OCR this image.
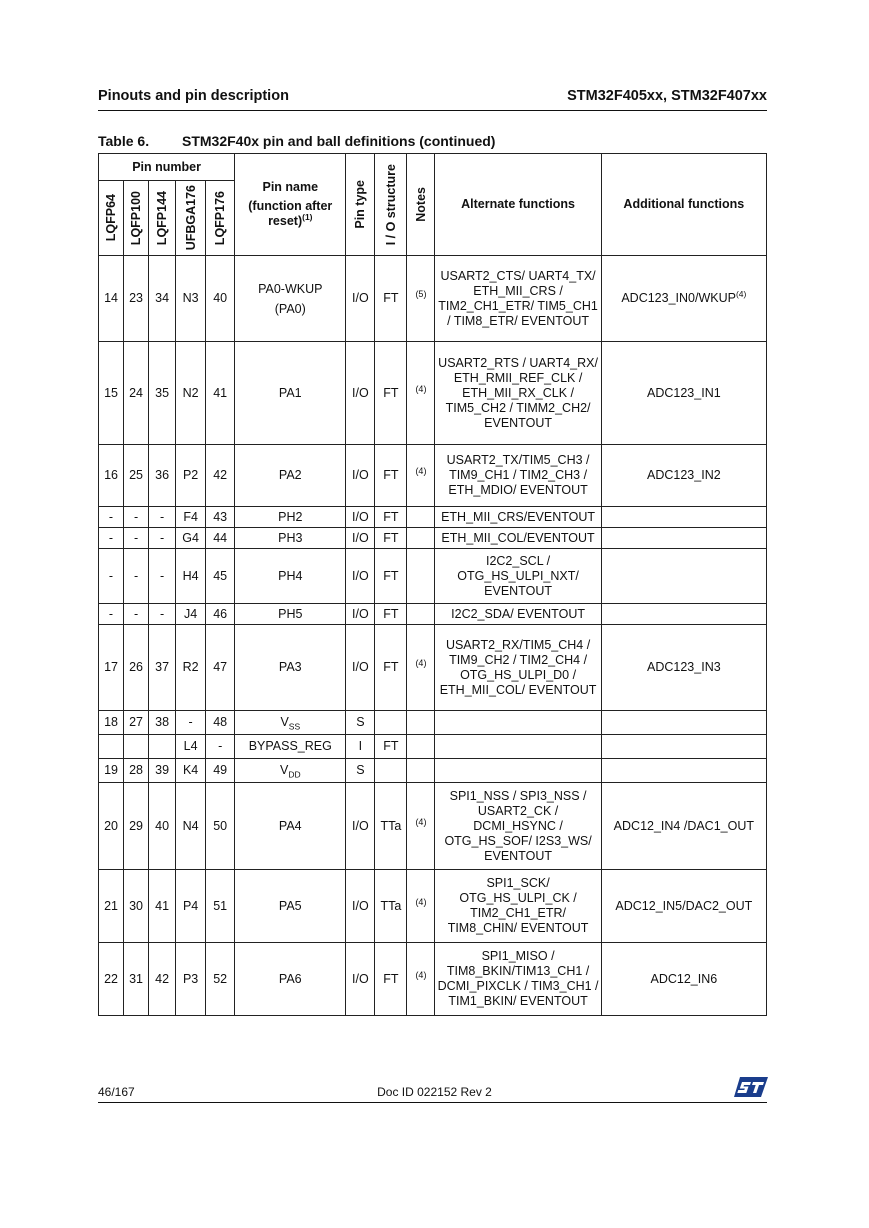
Pinouts and pin description	STM32F405xx, STM32F407xx
Table 6. STM32F40x pin and ball definitions (continued)
Pin number					Pin name
(function after reset)$^{(1)}$	Pin type	I / O structure	Notes	Alternate functions	Additional functions

LQFP64	LQFP100	LQFP144	UFBGA176	LQFP176						

14	23	34	N3	40	PA0-WKUP (PA0)	I/O	FT	(5)	USART2_CTS/ UART4_TX/ ETH_MII_CRS / TIM2_CH1_ETR/ TIM5_CH1 / TIM8_ETR/ EVENTOUT	ADC123_IN0/WKUP$^{(4)}$
15	24	35	N2	41	PA1	I/O	FT	(4)	USART2_RTS / UART4_RX/ ETH_RMII_REF_CLK / ETH_MII_RX_CLK / TIM5_CH2 / TIMM2_CH2/ EVENTOUT	ADC123_IN1
16	25	36	P2	42	PA2	I/O	FT	(4)	USART2_TX/TIM5_CH3 / TIM9_CH1 / TIM2_CH3 / ETH_MDIO/ EVENTOUT	ADC123_IN2
-	-	-	F4	43	PH2	I/O	FT		ETH_MII_CRS/EVENTOUT	
-	-	-	G4	44	PH3	I/O	FT		ETH_MII_COL/EVENTOUT	
-	-	-	H4	45	PH4	I/O	FT		I2C2_SCL / OTG_HS_ULPI_NXT/ EVENTOUT	
-	-	-	J4	46	PH5	I/O	FT		I2C2_SDA/ EVENTOUT	
17	26	37	R2	47	PA3	I/O	FT	(4)	USART2_RX/TIM5_CH4 / TIM9_CH2 / TIM2_CH4 / OTG_HS_ULPI_D0 / ETH_MII_COL/ EVENTOUT	ADC123_IN3
18	27	38	-	48	$V_{SS}$	S				
			L4	-	BYPASS_REG	I	FT			
19	28	39	K4	49	$V_{DD}$	S				
20	29	40	N4	50	PA4	I/O	TTa	(4)	SPI1_NSS / SPI3_NSS / USART2_CK / DCMI_HSYNC / OTG_HS_SOF/ I2S3_WS/ EVENTOUT	ADC12_IN4 /DAC1_OUT
21	30	41	P4	51	PA5	I/O	TTa	(4)	SPI1_SCK/ OTG_HS_ULPI_CK / TIM2_CH1_ETR/ TIM8_CHIN/ EVENTOUT	ADC12_IN5/DAC2_OUT
22	31	42	P3	52	PA6	I/O	FT	(4)	SPI1_MISO / TIM8_BKIN/TIM13_CH1 / DCMI_PIXCLK / TIM3_CH1 / TIM1_BKIN/ EVENTOUT	ADC12_IN6
46/167	Doc ID 022152 Rev 2
